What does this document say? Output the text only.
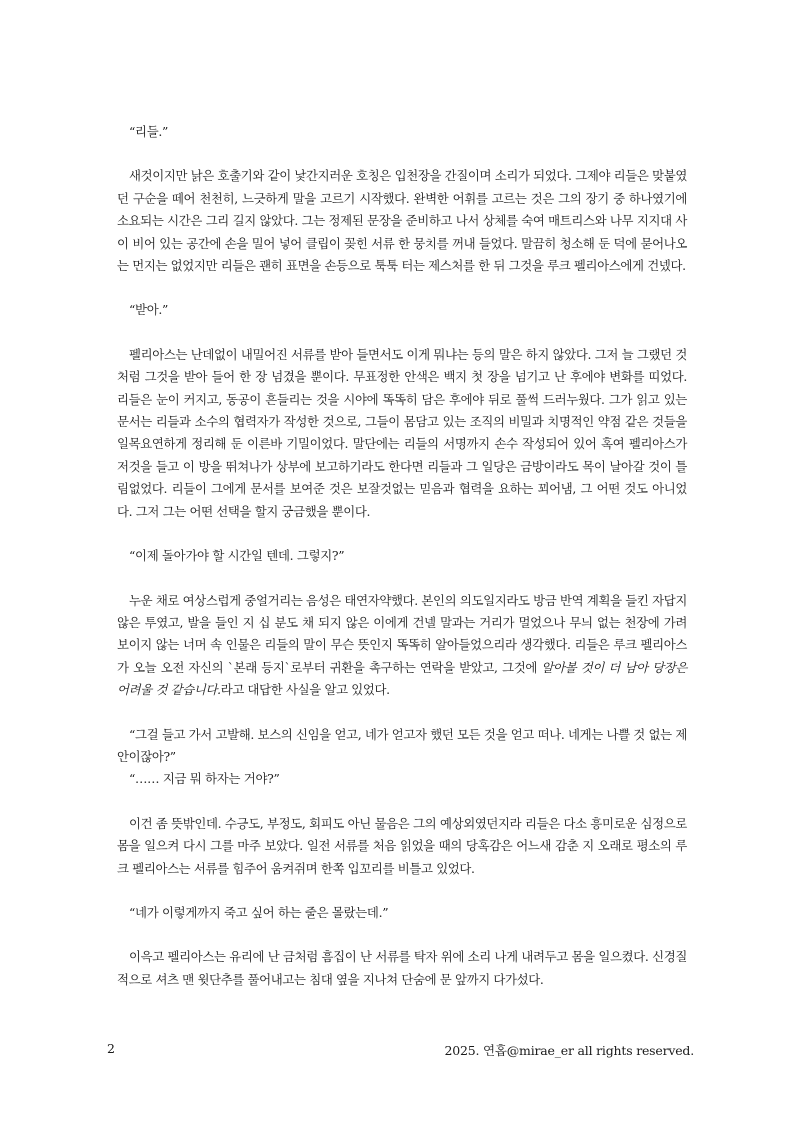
“리들.”

새것이지만 낡은 호출기와 같이 낯간지러운 호칭은 입천장을 간질이며 소리가 되었다. 그제야 리들은 맞붙였던 구순을 떼어 천천히, 느긋하게 말을 고르기 시작했다. 완벽한 어휘를 고르는 것은 그의 장기 중 하나였기에 소요되는 시간은 그리 길지 않았다. 그는 정제된 문장을 준비하고 나서 상체를 숙여 매트리스와 나무 지지대 사이 비어 있는 공간에 손을 밀어 넣어 클립이 꽂힌 서류 한 뭉치를 꺼내 들었다. 말끔히 청소해 둔 덕에 묻어나오는 먼지는 없었지만 리들은 괜히 표면을 손등으로 툭툭 터는 제스처를 한 뒤 그것을 루크 펠리아스에게 건넸다.

“받아.”

펠리아스는 난데없이 내밀어진 서류를 받아 들면서도 이게 뭐냐는 등의 말은 하지 않았다. 그저 늘 그랬던 것처럼 그것을 받아 들어 한 장 넘겼을 뿐이다. 무표정한 안색은 백지 첫 장을 넘기고 난 후에야 변화를 띠었다. 리들은 눈이 커지고, 동공이 흔들리는 것을 시야에 똑똑히 담은 후에야 뒤로 풀썩 드러누웠다. 그가 읽고 있는 문서는 리들과 소수의 협력자가 작성한 것으로, 그들이 몸담고 있는 조직의 비밀과 치명적인 약점 같은 것들을 일목요연하게 정리해 둔 이른바 기밀이었다. 말단에는 리들의 서명까지 손수 작성되어 있어 혹여 펠리아스가 저것을 들고 이 방을 뛰쳐나가 상부에 보고하기라도 한다면 리들과 그 일당은 금방이라도 목이 날아갈 것이 틀림없었다. 리들이 그에게 문서를 보여준 것은 보잘것없는 믿음과 협력을 요하는 꾀어냄, 그 어떤 것도 아니었다. 그저 그는 어떤 선택을 할지 궁금했을 뿐이다.

“이제 돌아가야 할 시간일 텐데. 그렇지?”

누운 채로 여상스럽게 중얼거리는 음성은 태연자약했다. 본인의 의도일지라도 방금 반역 계획을 들킨 자답지 않은 투였고, 발을 들인 지 십 분도 채 되지 않은 이에게 건넬 말과는 거리가 멀었으나 무늬 없는 천장에 가려 보이지 않는 너머 속 인물은 리들의 말이 무슨 뜻인지 똑똑히 알아들었으리라 생각했다. 리들은 루크 펠리아스가 오늘 오전 자신의 `본래 등지`로부터 귀환을 촉구하는 연락을 받았고, 그것에 알아볼 것이 더 남아 당장은 어려울 것 같습니다.라고 대답한 사실을 알고 있었다.

“그걸 들고 가서 고발해. 보스의 신임을 얻고, 네가 얻고자 했던 모든 것을 얻고 떠나. 네게는 나쁠 것 없는 제안이잖아?”

“…… 지금 뭐 하자는 거야?”

이건 좀 뜻밖인데. 수긍도, 부정도, 회피도 아닌 물음은 그의 예상외였던지라 리들은 다소 흥미로운 심정으로 몸을 일으켜 다시 그를 마주 보았다. 일전 서류를 처음 읽었을 때의 당혹감은 어느새 감춘 지 오래로 평소의 루크 펠리아스는 서류를 힘주어 움켜쥐며 한쪽 입꼬리를 비틀고 있었다.

“네가 이렇게까지 죽고 싶어 하는 줄은 몰랐는데.”

이윽고 펠리아스는 유리에 난 금처럼 흠집이 난 서류를 탁자 위에 소리 나게 내려두고 몸을 일으켰다. 신경질적으로 셔츠 맨 윗단추를 풀어내고는 침대 옆을 지나쳐 단숨에 문 앞까지 다가섰다.

2	2025. 연홉@mirae_er all rights reserved.
